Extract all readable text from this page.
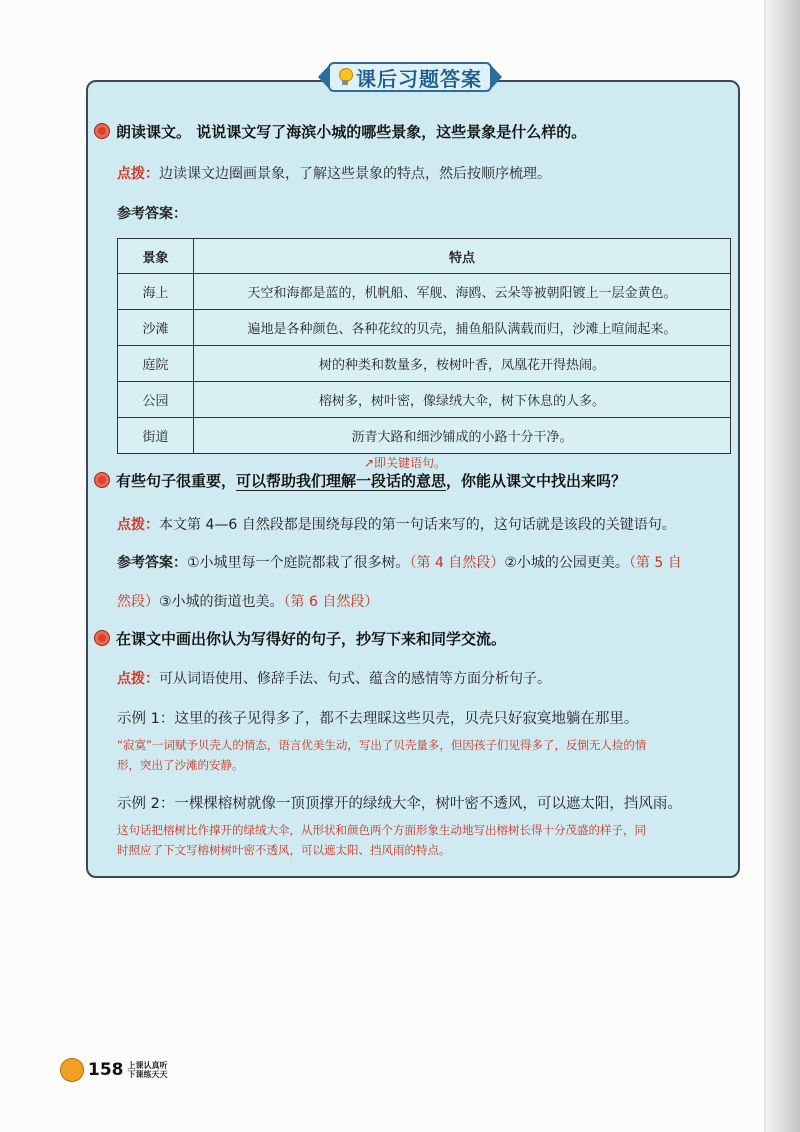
课后习题答案
朗读课文。 说说课文写了海滨小城的哪些景象，这些景象是什么样的。
点拨：边读课文边圈画景象，了解这些景象的特点，然后按顺序梳理。
参考答案：
景象	特点
海上	天空和海都是蓝的，机帆船、军舰、海鸥、云朵等被朝阳镀上一层金黄色。
沙滩	遍地是各种颜色、各种花纹的贝壳，捕鱼船队满载而归，沙滩上喧闹起来。
庭院	树的种类和数量多，桉树叶香，凤凰花开得热闹。
公园	榕树多，树叶密，像绿绒大伞，树下休息的人多。
街道	沥青大路和细沙铺成的小路十分干净。
↗即关键语句。
有些句子很重要，可以帮助我们理解一段话的意思，你能从课文中找出来吗？
点拨：本文第 4—6 自然段都是围绕每段的第一句话来写的，这句话就是该段的关键语句。
参考答案：①小城里每一个庭院都栽了很多树。（第 4 自然段）②小城的公园更美。（第 5 自
然段）③小城的街道也美。（第 6 自然段）
在课文中画出你认为写得好的句子，抄写下来和同学交流。
点拨：可从词语使用、修辞手法、句式、蕴含的感情等方面分析句子。
示例 1：这里的孩子见得多了，都不去理睬这些贝壳，贝壳只好寂寞地躺在那里。
“寂寞”一词赋予贝壳人的情态，语言优美生动，写出了贝壳量多，但因孩子们见得多了，反倒无人捡的情
形，突出了沙滩的安静。
示例 2：一棵棵榕树就像一顶顶撑开的绿绒大伞，树叶密不透风，可以遮太阳，挡风雨。
这句话把榕树比作撑开的绿绒大伞，从形状和颜色两个方面形象生动地写出榕树长得十分茂盛的样子，同
时照应了下文写榕树树叶密不透风，可以遮太阳、挡风雨的特点。
158 上课认真听
下课练天天
